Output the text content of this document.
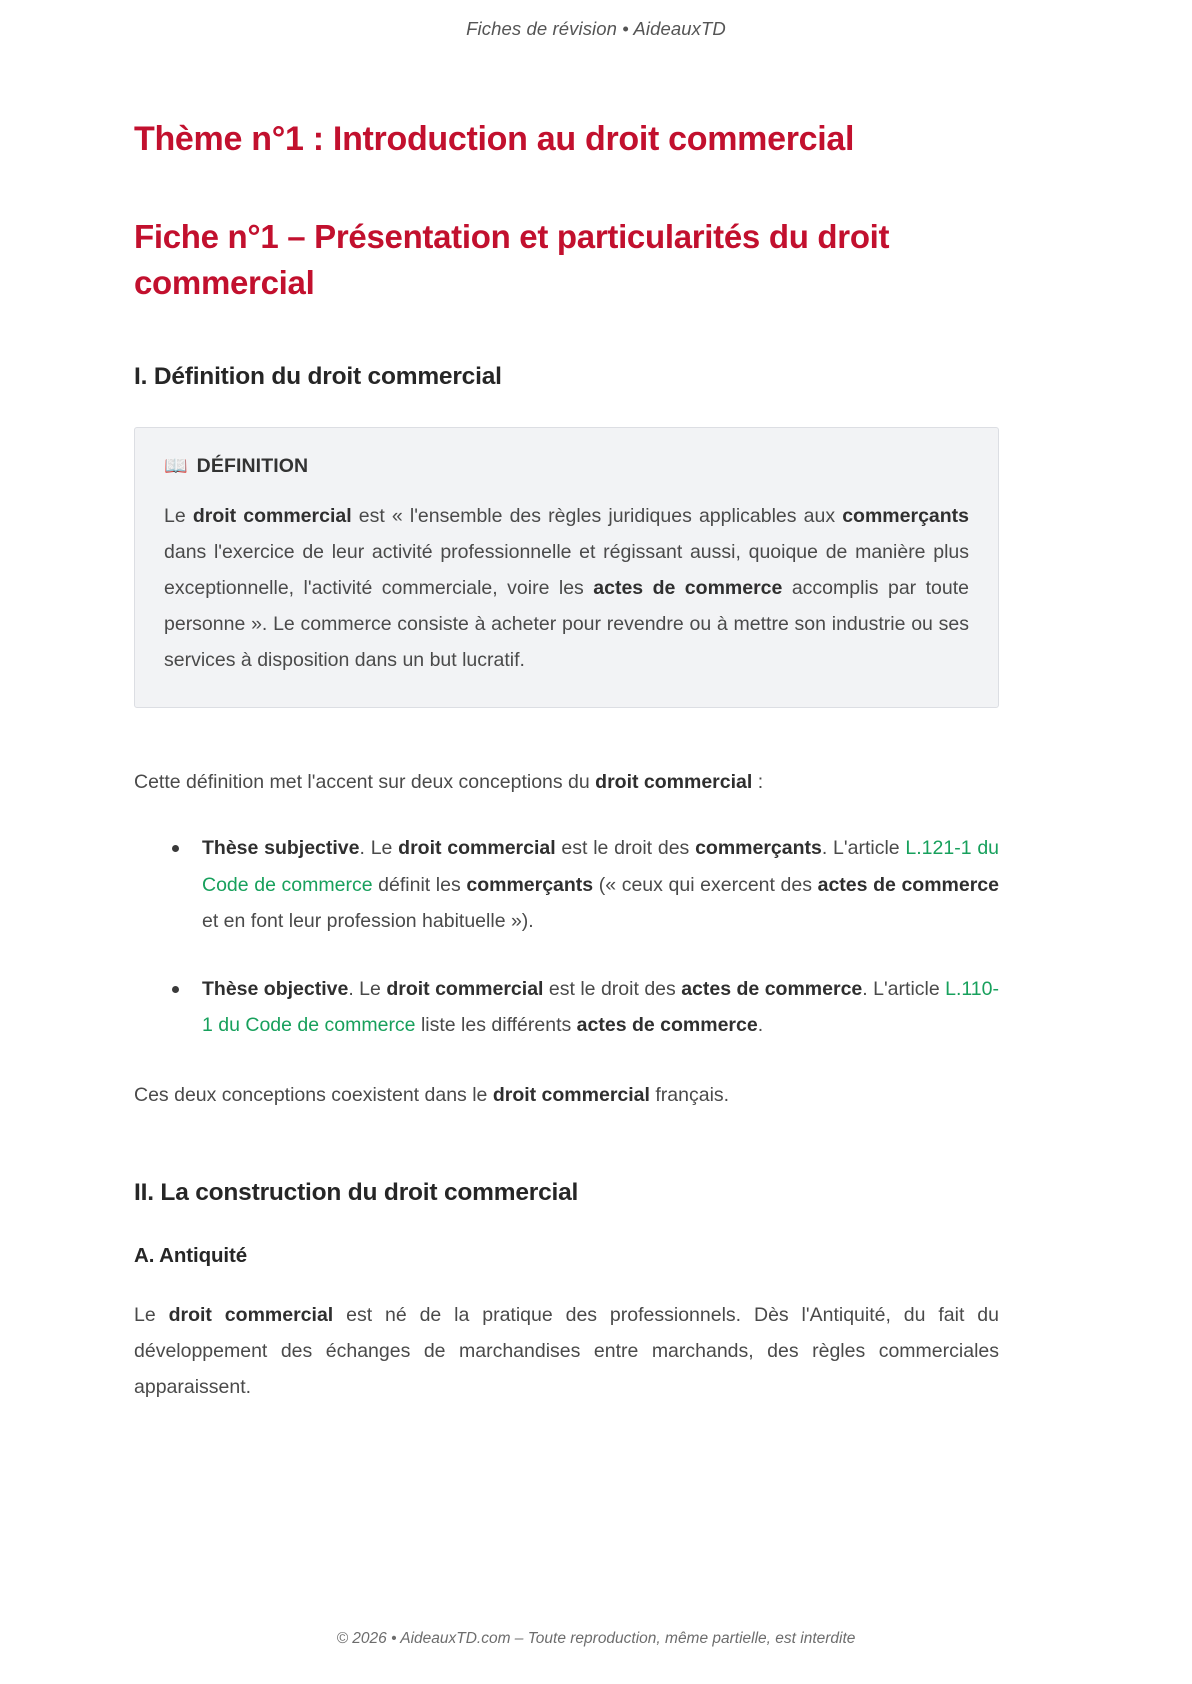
Fiches de révision • AideauxTD
Thème n°1 : Introduction au droit commercial
Fiche n°1 – Présentation et particularités du droit commercial
I. Définition du droit commercial
📖 DÉFINITION

Le droit commercial est « l'ensemble des règles juridiques applicables aux commerçants dans l'exercice de leur activité professionnelle et régissant aussi, quoique de manière plus exceptionnelle, l'activité commerciale, voire les actes de commerce accomplis par toute personne ». Le commerce consiste à acheter pour revendre ou à mettre son industrie ou ses services à disposition dans un but lucratif.

Cette définition met l'accent sur deux conceptions du droit commercial :

Thèse subjective. Le droit commercial est le droit des commerçants. L'article L.121-1 du Code de commerce définit les commerçants (« ceux qui exercent des actes de commerce et en font leur profession habituelle »).
Thèse objective. Le droit commercial est le droit des actes de commerce. L'article L.110-1 du Code de commerce liste les différents actes de commerce.

Ces deux conceptions coexistent dans le droit commercial français.

II. La construction du droit commercial
A. Antiquité

Le droit commercial est né de la pratique des professionnels. Dès l'Antiquité, du fait du développement des échanges de marchandises entre marchands, des règles commerciales apparaissent.

© 2026 • AideauxTD.com – Toute reproduction, même partielle, est interdite
